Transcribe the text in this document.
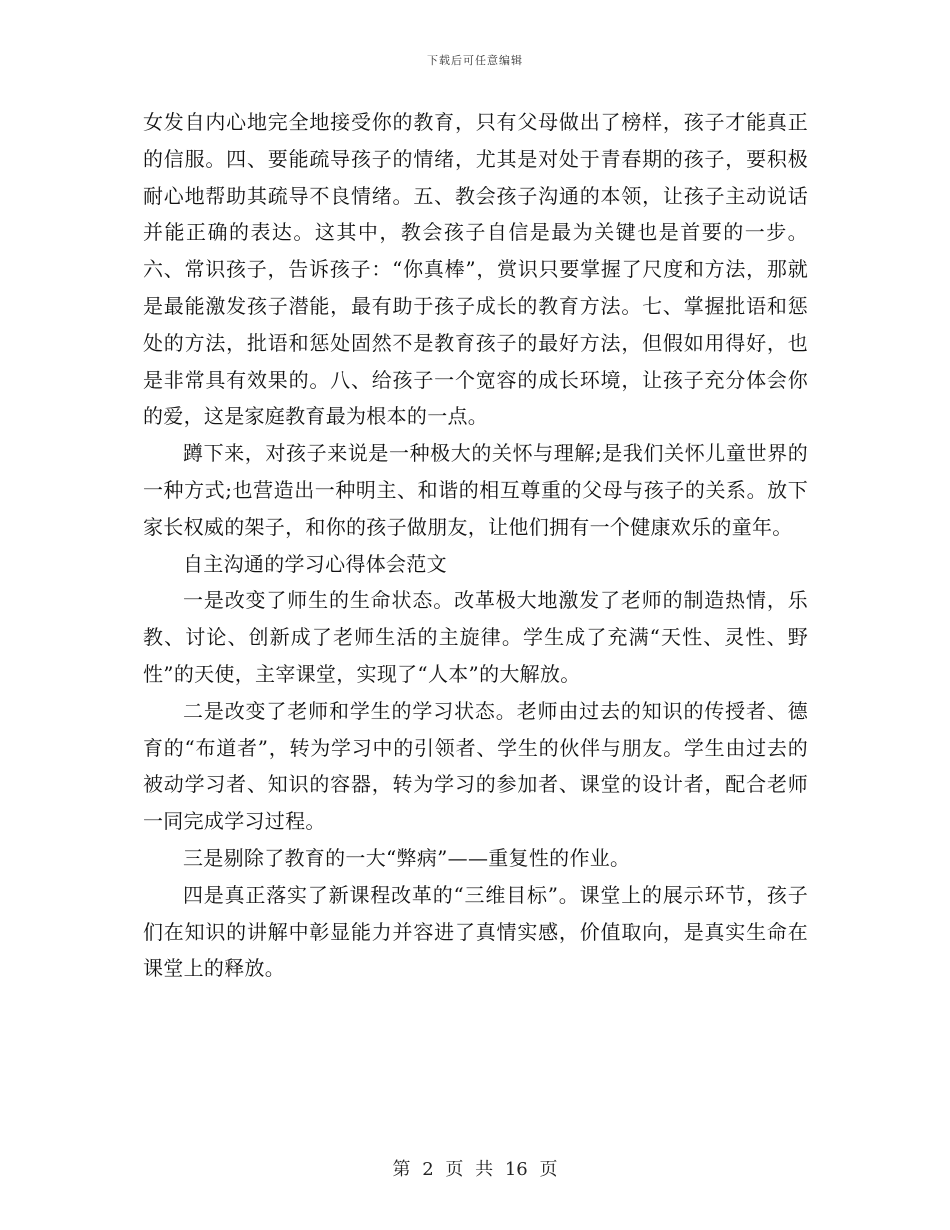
下载后可任意编辑

女发自内心地完全地接受你的教育，只有父母做出了榜样，孩子才能真正的信服。四、要能疏导孩子的情绪，尤其是对处于青春期的孩子，要积极耐心地帮助其疏导不良情绪。五、教会孩子沟通的本领，让孩子主动说话并能正确的表达。这其中，教会孩子自信是最为关键也是首要的一步。六、常识孩子，告诉孩子：“你真棒”，赏识只要掌握了尺度和方法，那就是最能激发孩子潜能，最有助于孩子成长的教育方法。七、掌握批语和惩处的方法，批语和惩处固然不是教育孩子的最好方法，但假如用得好，也是非常具有效果的。八、给孩子一个宽容的成长环境，让孩子充分体会你的爱，这是家庭教育最为根本的一点。

蹲下来，对孩子来说是一种极大的关怀与理解;是我们关怀儿童世界的一种方式;也营造出一种明主、和谐的相互尊重的父母与孩子的关系。放下家长权威的架子，和你的孩子做朋友，让他们拥有一个健康欢乐的童年。

自主沟通的学习心得体会范文

一是改变了师生的生命状态。改革极大地激发了老师的制造热情，乐教、讨论、创新成了老师生活的主旋律。学生成了充满“天性、灵性、野性”的天使，主宰课堂，实现了“人本”的大解放。

二是改变了老师和学生的学习状态。老师由过去的知识的传授者、德育的“布道者”，转为学习中的引领者、学生的伙伴与朋友。学生由过去的被动学习者、知识的容器，转为学习的参加者、课堂的设计者，配合老师一同完成学习过程。

三是剔除了教育的一大“弊病”——重复性的作业。

四是真正落实了新课程改革的“三维目标”。课堂上的展示环节，孩子们在知识的讲解中彰显能力并容进了真情实感，价值取向，是真实生命在课堂上的释放。

第 2 页 共 16 页
